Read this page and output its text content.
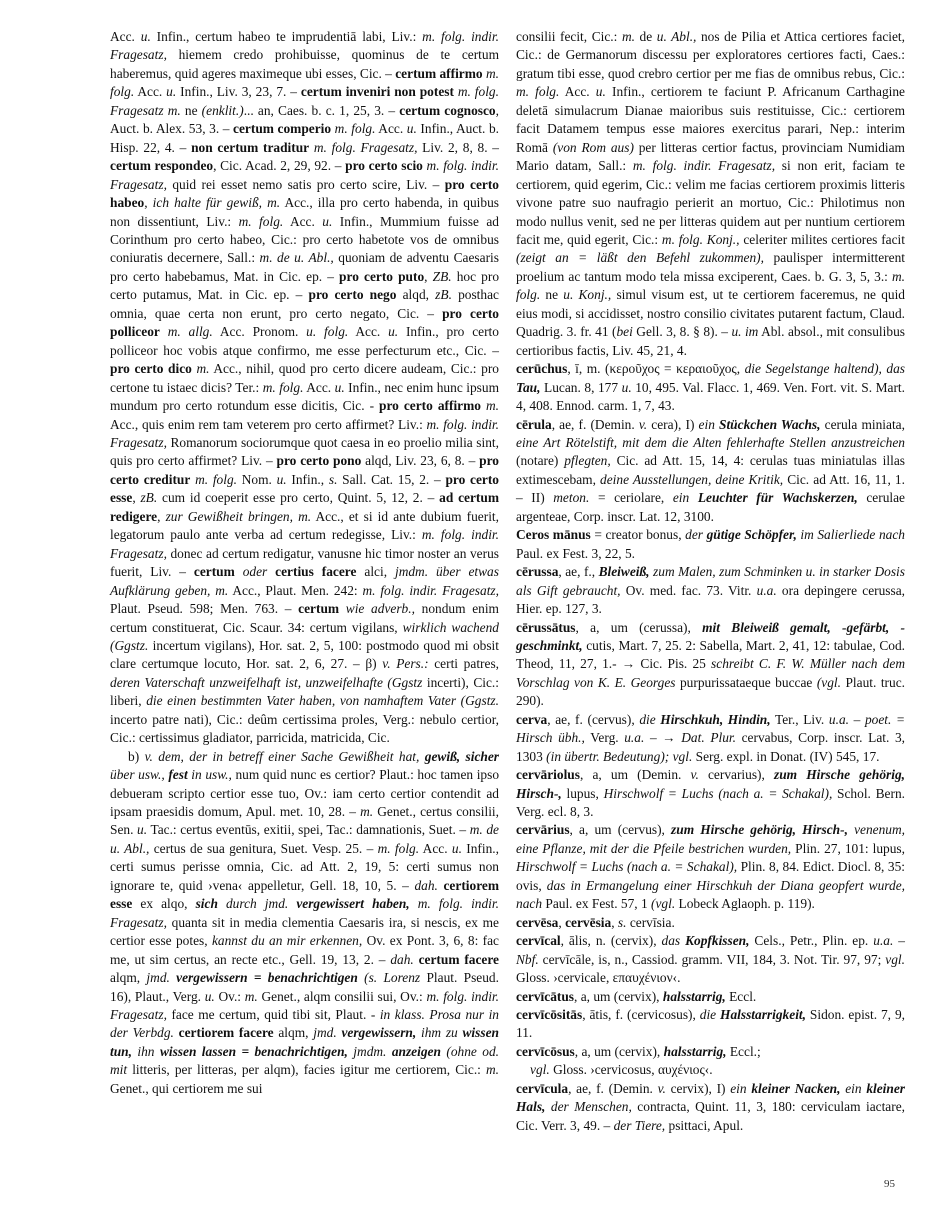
Acc. u. Infin., certum habeo te imprudentiā labi, Liv.: m. folg. indir. Fragesatz, hiemem credo prohibuisse, quominus de te certum haberemus, quid ageres maximeque ubi esses, Cic. – certum affirmo m. folg. Acc. u. Infin., Liv. 3, 23, 7. – certum inveniri non potest m. folg. Fragesatz m. ne (enklit.)... an, Caes. b. c. 1, 25, 3. – certum cognosco, Auct. b. Alex. 53, 3. – certum comperio m. folg. Acc. u. Infin., Auct. b. Hisp. 22, 4. – non certum traditur m. folg. Fragesatz, Liv. 2, 8, 8. – certum respondeo, Cic. Acad. 2, 29, 92. – pro certo scio m. folg. indir. Fragesatz, quid rei esset nemo satis pro certo scire, Liv. – pro certo habeo, ich halte für gewiß, m. Acc., illa pro certo habenda, in quibus non dissentiunt, Liv.: m. folg. Acc. u. Infin., Mummium fuisse ad Corinthum pro certo habeo, Cic.: pro certo habetote vos de omnibus coniuratis decernere, Sall.: m. de u. Abl., quoniam de adventu Caesaris pro certo habebamus, Mat. in Cic. ep. – pro certo puto, ZB. hoc pro certo putamus, Mat. in Cic. ep. – pro certo nego alqd, zB. posthac omnia, quae certa non erunt, pro certo negato, Cic. – pro certo polliceor m. allg. Acc. Pronom. u. folg. Acc. u. Infin., pro certo polliceor hoc vobis atque confirmo, me esse perfecturum etc., Cic. – pro certo dico m. Acc., nihil, quod pro certo dicere audeam, Cic.: pro certone tu istaec dicis? Ter.: m. folg. Acc. u. Infin., nec enim hunc ipsum mundum pro certo rotundum esse dicitis, Cic. - pro certo affirmo m. Acc., quis enim rem tam veterem pro certo affirmet? Liv.: m. folg. indir. Fragesatz, Romanorum sociorumque quot caesa in eo proelio milia sint, quis pro certo affirmet? Liv. – pro certo pono alqd, Liv. 23, 6, 8. – pro certo creditur m. folg. Nom. u. Infin., s. Sall. Cat. 15, 2. – pro certo esse, zB. cum id coeperit esse pro certo, Quint. 5, 12, 2. – ad certum redigere, zur Gewißheit bringen, m. Acc., et si id ante dubium fuerit, legatorum paulo ante verba ad certum redegisse, Liv.: m. folg. indir. Fragesatz, donec ad certum redigatur, vanusne hic timor noster an verus fuerit, Liv. – certum oder certius facere alci, jmdm. über etwas Aufklärung geben, m. Acc., Plaut. Men. 242: m. folg. indir. Fragesatz, Plaut. Pseud. 598; Men. 763. – certum wie adverb., nondum enim certum constituerat, Cic. Scaur. 34: certum vigilans, wirklich wachend (Ggstz. incertum vigilans), Hor. sat. 2, 5, 100: postmodo quod mi obsit clare certumque locuto, Hor. sat. 2, 6, 27. – β) v. Pers.: certi patres, deren Vaterschaft unzweifelhaft ist, unzweifelhafte (Ggstz incerti), Cic.: liberi, die einen bestimmten Vater haben, von namhaftem Vater (Ggstz. incerto patre nati), Cic.: deûm certissima proles, Verg.: nebulo certior, Cic.: certissimus gladiator, parricida, matricida, Cic.

b) v. dem, der in betreff einer Sache Gewißheit hat, gewiß, sicher über usw., fest in usw., num quid nunc es certior? Plaut.: hoc tamen ipso debueram scripto certior esse tuo, Ov.: iam certo certior contendit ad ipsam praesidis domum, Apul. met. 10, 28. – m. Genet., certus consilii, Sen. u. Tac.: certus eventūs, exitii, spei, Tac.: damnationis, Suet. – m. de u. Abl., certus de sua genitura, Suet. Vesp. 25. – m. folg. Acc. u. Infin., certi sumus perisse omnia, Cic. ad Att. 2, 19, 5: certi sumus non ignorare te, quid ›vena‹ appelletur, Gell. 18, 10, 5. – dah. certiorem esse ex alqo, sich durch jmd. vergewissert haben, m. folg. indir. Fragesatz, quanta sit in media clementia Caesaris ira, si nescis, ex me certior esse potes, kannst du an mir erkennen, Ov. ex Pont. 3, 6, 8: fac me, ut sim certus, an recte etc., Gell. 19, 13, 2. – dah. certum facere alqm, jmd. vergewissern = benachrichtigen (s. Lorenz Plaut. Pseud. 16), Plaut., Verg. u. Ov.: m. Genet., alqm consilii sui, Ov.: m. folg. indir. Fragesatz, face me certum, quid tibi sit, Plaut. - in klass. Prosa nur in der Verbdg. certiorem facere alqm, jmd. vergewissern, ihm zu wissen tun, ihn wissen lassen = benachrichtigen, jmdm. anzeigen (ohne od. mit litteris, per litteras, per alqm), facies igitur me certiorem, Cic.: m. Genet., qui certiorem me sui

consilii fecit, Cic.: m. de u. Abl., nos de Pilia et Attica certiores faciet, Cic.: de Germanorum discessu per exploratores certiores facti, Caes.: gratum tibi esse, quod crebro certior per me fias de omnibus rebus, Cic.: m. folg. Acc. u. Infin., certiorem te faciunt P. Africanum Carthagine deletā simulacrum Dianae maioribus suis restituisse, Cic.: certiorem facit Datamem tempus esse maiores exercitus parari, Nep.: interim Romā (von Rom aus) per litteras certior factus, provinciam Numidiam Mario datam, Sall.: m. folg. indir. Fragesatz, si non erit, faciam te certiorem, quid egerim, Cic.: velim me facias certiorem proximis litteris vivone patre suo naufragio perierit an mortuo, Cic.: Philotimus non modo nullus venit, sed ne per litteras quidem aut per nuntium certiorem facit me, quid egerit, Cic.: m. folg. Konj., celeriter milites certiores facit (zeigt an = läßt den Befehl zukommen), paulisper intermitterent proelium ac tantum modo tela missa exciperent, Caes. b. G. 3, 5, 3.: m. folg. ne u. Konj., simul visum est, ut te certiorem faceremus, ne quid eius modi, si accidisset, nostro consilio civitates putarent factum, Claud. Quadrig. 3. fr. 41 (bei Gell. 3, 8. § 8). – u. im Abl. absol., mit consulibus certioribus factis, Liv. 45, 21, 4.

cerūchus, ī, m. (κεροῦχος = κεραιοῦχος, die Segelstange haltend), das Tau, Lucan. 8, 177 u. 10, 495. Val. Flacc. 1, 469. Ven. Fort. vit. S. Mart. 4, 408. Ennod. carm. 1, 7, 43.

cērula, ae, f. (Demin. v. cera), I) ein Stückchen Wachs, cerula miniata, eine Art Rötelstift, mit dem die Alten fehlerhafte Stellen anzustreichen (notare) pflegten, Cic. ad Att. 15, 14, 4: cerulas tuas miniatulas illas extimescebam, deine Ausstellungen, deine Kritik, Cic. ad Att. 16, 11, 1. – II) meton. = ceriolare, ein Leuchter für Wachskerzen, cerulae argenteae, Corp. inscr. Lat. 12, 3100.

Ceros mānus = creator bonus, der gütige Schöpfer, im Salierliede nach Paul. ex Fest. 3, 22, 5.

cērussa, ae, f., Bleiweiß, zum Malen, zum Schminken u. in starker Dosis als Gift gebraucht, Ov. med. fac. 73. Vitr. u.a. ora depingere cerussa, Hier. ep. 127, 3.

cērussātus, a, um (cerussa), mit Bleiweiß gemalt, -gefärbt, -geschminkt, cutis, Mart. 7, 25. 2: Sabella, Mart. 2, 41, 12: tabulae, Cod. Theod, 11, 27, 1.- → Cic. Pis. 25 schreibt C. F. W. Müller nach dem Vorschlag von K. E. Georges purpurissataeque buccae (vgl. Plaut. truc. 290).

cerva, ae, f. (cervus), die Hirschkuh, Hindin, Ter., Liv. u.a. – poet. = Hirsch übh., Verg. u.a. – → Dat. Plur. cervabus, Corp. inscr. Lat. 3, 1303 (in übertr. Bedeutung); vgl. Serg. expl. in Donat. (IV) 545, 17.

cervāriolus, a, um (Demin. v. cervarius), zum Hirsche gehörig, Hirsch-, lupus, Hirschwolf = Luchs (nach a. = Schakal), Schol. Bern. Verg. ecl. 8, 3.

cervārius, a, um (cervus), zum Hirsche gehörig, Hirsch-, venenum, eine Pflanze, mit der die Pfeile bestrichen wurden, Plin. 27, 101: lupus, Hirschwolf = Luchs (nach a. = Schakal), Plin. 8, 84. Edict. Diocl. 8, 35: ovis, das in Ermangelung einer Hirschkuh der Diana geopfert wurde, nach Paul. ex Fest. 57, 1 (vgl. Lobeck Aglaoph. p. 119).

cervēsa, cervēsia, s. cervīsia.

cervīcal, ālis, n. (cervix), das Kopfkissen, Cels., Petr., Plin. ep. u.a. – Nbf. cervīcāle, is, n., Cassiod. gramm. VII, 184, 3. Not. Tir. 97, 97; vgl. Gloss. ›cervicale, επαυχένιον‹.

cervīcātus, a, um (cervix), halsstarrig, Eccl.

cervīcōsitās, ātis, f. (cervicosus), die Halsstarrigkeit, Sidon. epist. 7, 9, 11.

cervīcōsus, a, um (cervix), halsstarrig, Eccl.;

vgl. Gloss. ›cervicosus, αυχένιος‹.

cervīcula, ae, f. (Demin. v. cervix), I) ein kleiner Nacken, ein kleiner Hals, der Menschen, contracta, Quint. 11, 3, 180: cerviculam iactare, Cic. Verr. 3, 49. – der Tiere, psittaci, Apul.

95
